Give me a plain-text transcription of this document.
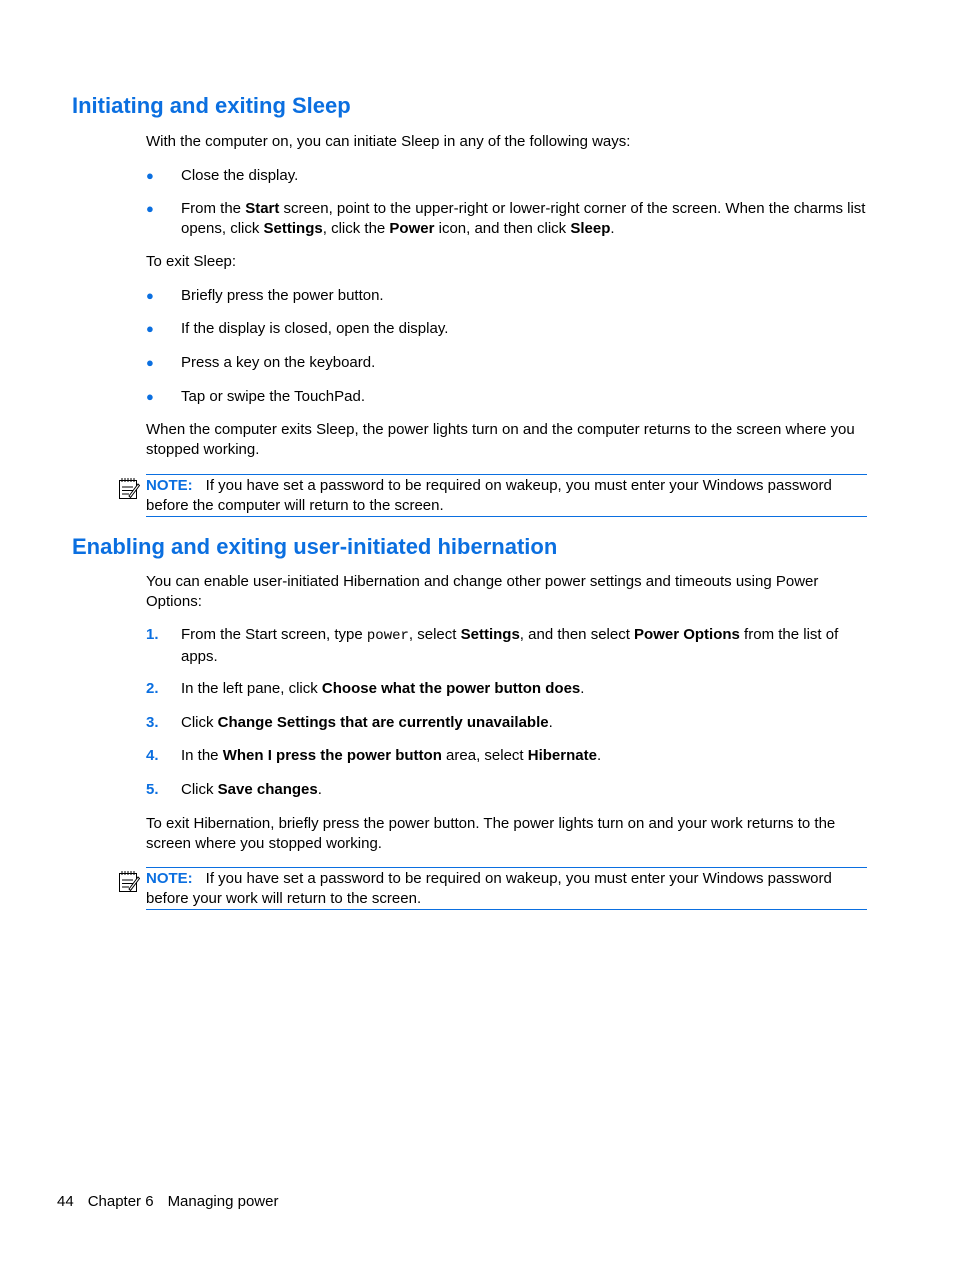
Initiating and exiting Sleep

With the computer on, you can initiate Sleep in any of the following ways:

● Close the display.
● From the Start screen, point to the upper-right or lower-right corner of the screen. When the charms list opens, click Settings, click the Power icon, and then click Sleep.

To exit Sleep:

● Briefly press the power button.
● If the display is closed, open the display.
● Press a key on the keyboard.
● Tap or swipe the TouchPad.

When the computer exits Sleep, the power lights turn on and the computer returns to the screen where you stopped working.

NOTE: If you have set a password to be required on wakeup, you must enter your Windows password before the computer will return to the screen.
Enabling and exiting user-initiated hibernation

You can enable user-initiated Hibernation and change other power settings and timeouts using Power Options:

1. From the Start screen, type power, select Settings, and then select Power Options from the list of apps.
2. In the left pane, click Choose what the power button does.
3. Click Change Settings that are currently unavailable.
4. In the When I press the power button area, select Hibernate.
5. Click Save changes.

To exit Hibernation, briefly press the power button. The power lights turn on and your work returns to the screen where you stopped working.

NOTE: If you have set a password to be required on wakeup, you must enter your Windows password before your work will return to the screen.
44 Chapter 6 Managing power
